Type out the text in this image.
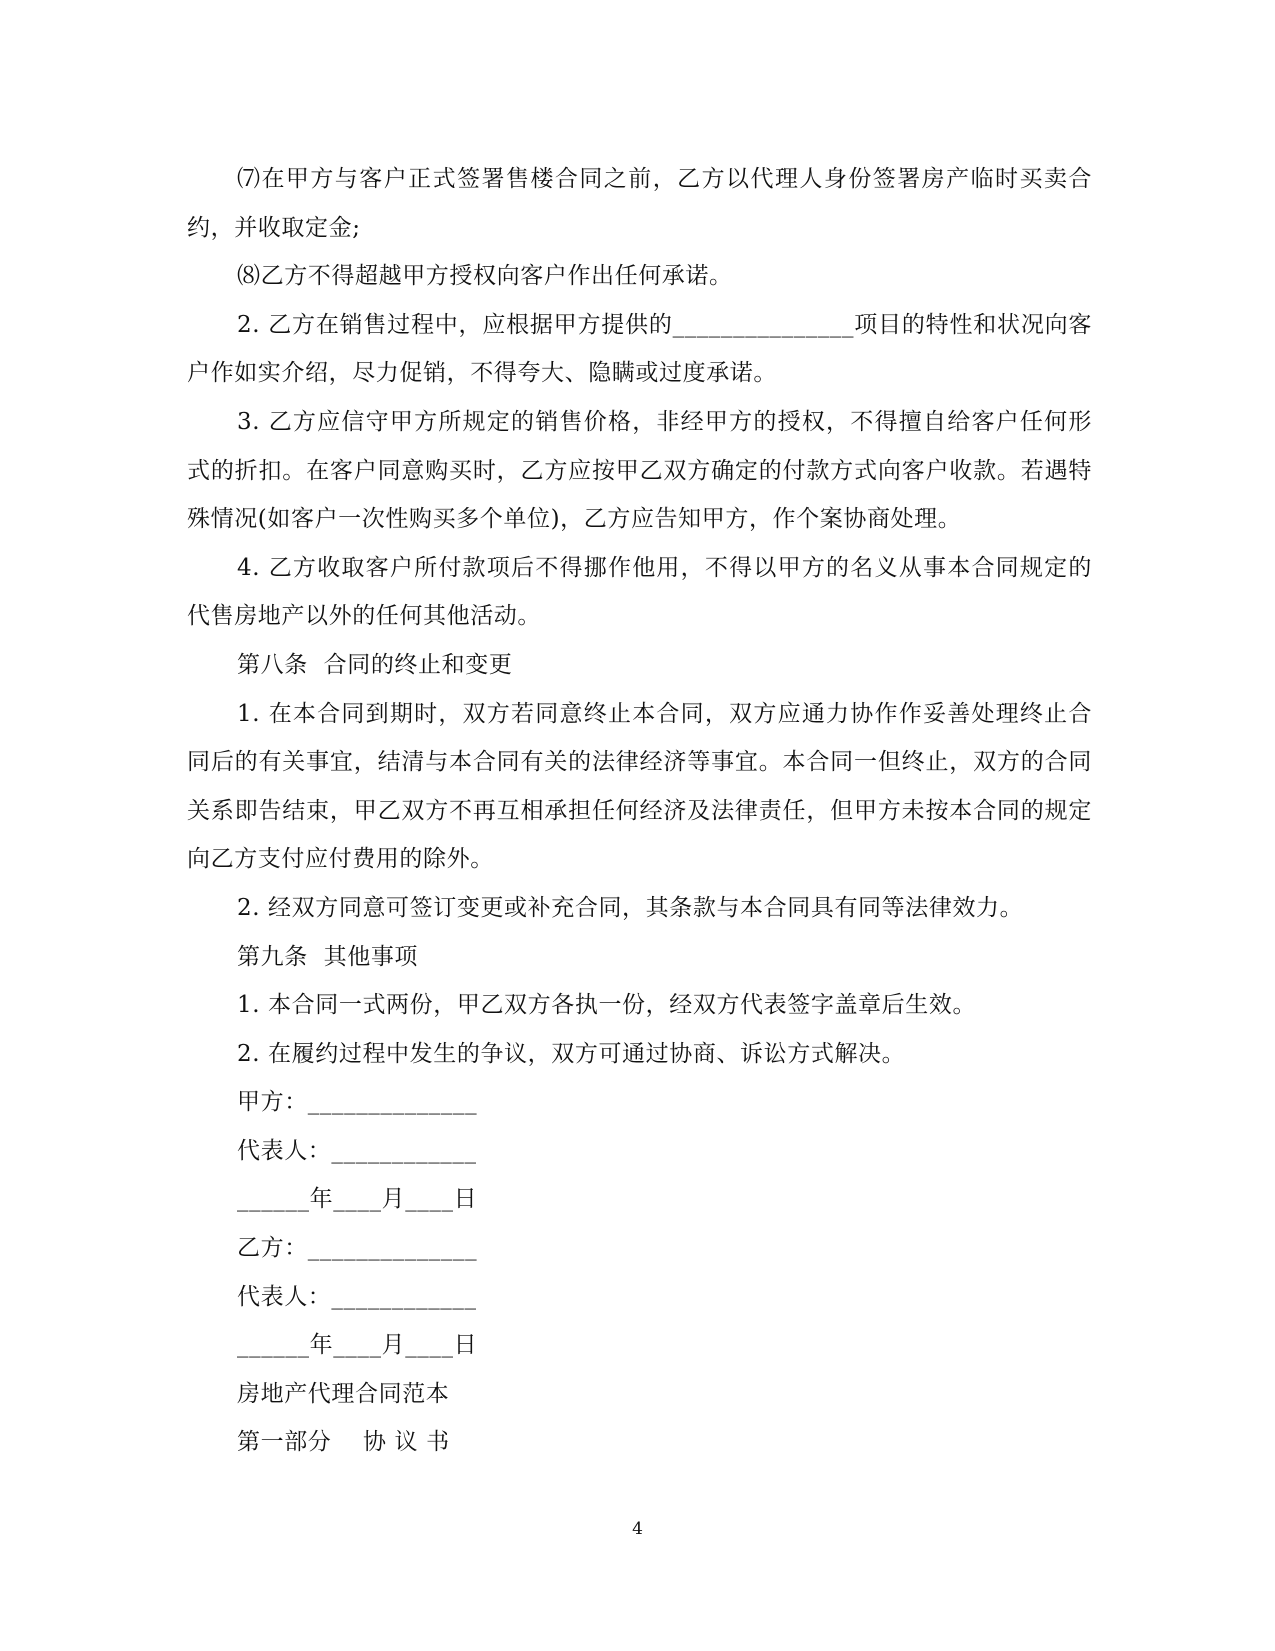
⑺在甲方与客户正式签署售楼合同之前，乙方以代理人身份签署房产临时买卖合约，并收取定金;

⑻乙方不得超越甲方授权向客户作出任何承诺。

2. 乙方在销售过程中，应根据甲方提供的_______________项目的特性和状况向客户作如实介绍，尽力促销，不得夸大、隐瞒或过度承诺。

3. 乙方应信守甲方所规定的销售价格，非经甲方的授权，不得擅自给客户任何形式的折扣。在客户同意购买时，乙方应按甲乙双方确定的付款方式向客户收款。若遇特殊情况(如客户一次性购买多个单位)，乙方应告知甲方，作个案协商处理。

4. 乙方收取客户所付款项后不得挪作他用，不得以甲方的名义从事本合同规定的代售房地产以外的任何其他活动。

第八条  合同的终止和变更

1. 在本合同到期时，双方若同意终止本合同，双方应通力协作作妥善处理终止合同后的有关事宜，结清与本合同有关的法律经济等事宜。本合同一但终止，双方的合同关系即告结束，甲乙双方不再互相承担任何经济及法律责任，但甲方未按本合同的规定向乙方支付应付费用的除外。

2. 经双方同意可签订变更或补充合同，其条款与本合同具有同等法律效力。

第九条  其他事项

1. 本合同一式两份，甲乙双方各执一份，经双方代表签字盖章后生效。

2. 在履约过程中发生的争议，双方可通过协商、诉讼方式解决。

甲方：______________

代表人：____________

______年____月____日

乙方：______________

代表人：____________

______年____月____日

房地产代理合同范本

第一部分    协 议 书

4
